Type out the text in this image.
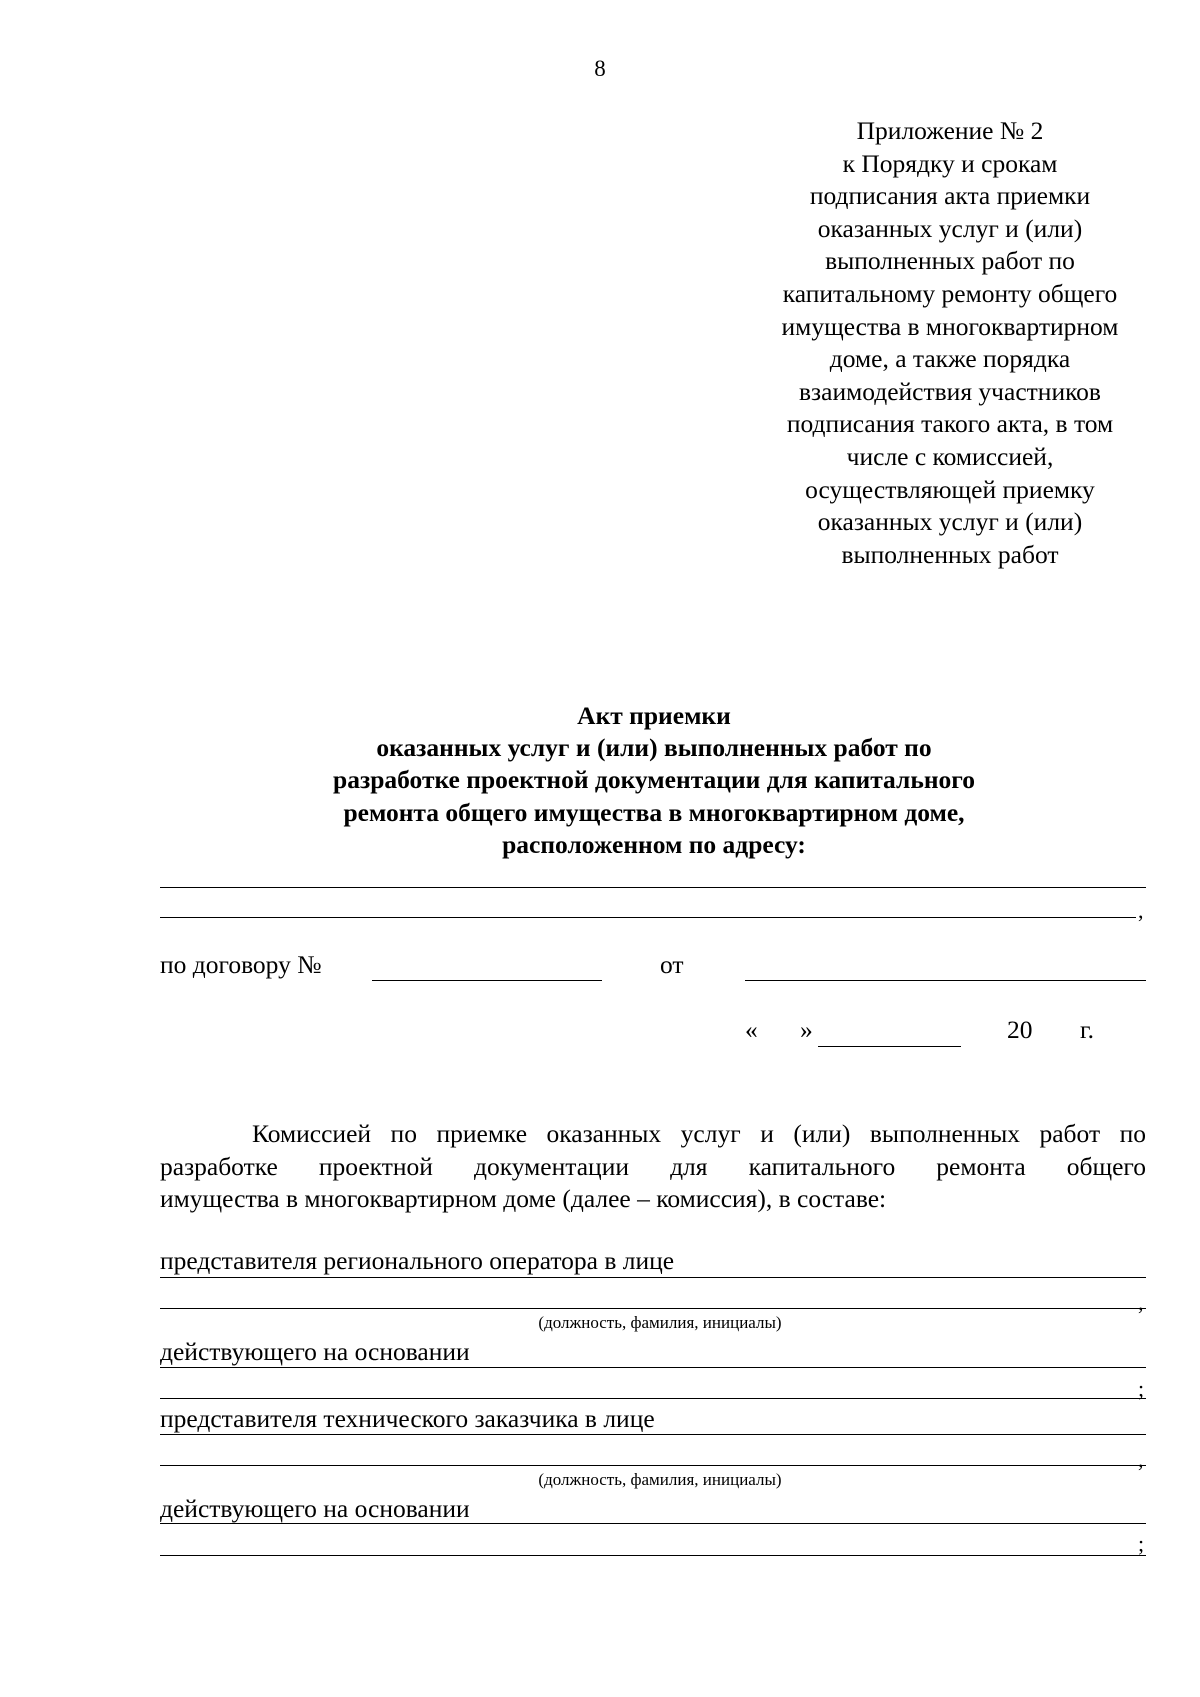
8
Приложение № 2
к Порядку и срокам
подписания акта приемки
оказанных услуг и (или)
выполненных работ по
капитальному ремонту общего
имущества в многоквартирном
доме, а также порядка
взаимодействия участников
подписания такого акта, в том
числе с комиссией,
осуществляющей приемку
оказанных услуг и (или)
выполненных работ
Акт приемки
оказанных услуг и (или) выполненных работ по
разработке проектной документации для капитального
ремонта общего имущества в многоквартирном доме,
расположенном по адресу:
,
по договору №	от
« »	20 г.
Комиссией по приемке оказанных услуг и (или) выполненных работ по
разработке проектной документации для капитального ремонта общего
имущества в многоквартирном доме (далее – комиссия), в составе:
представителя регионального оператора в лице
,
(должность, фамилия, инициалы)
действующего на основании
;
представителя технического заказчика в лице
,
(должность, фамилия, инициалы)
действующего на основании
;
